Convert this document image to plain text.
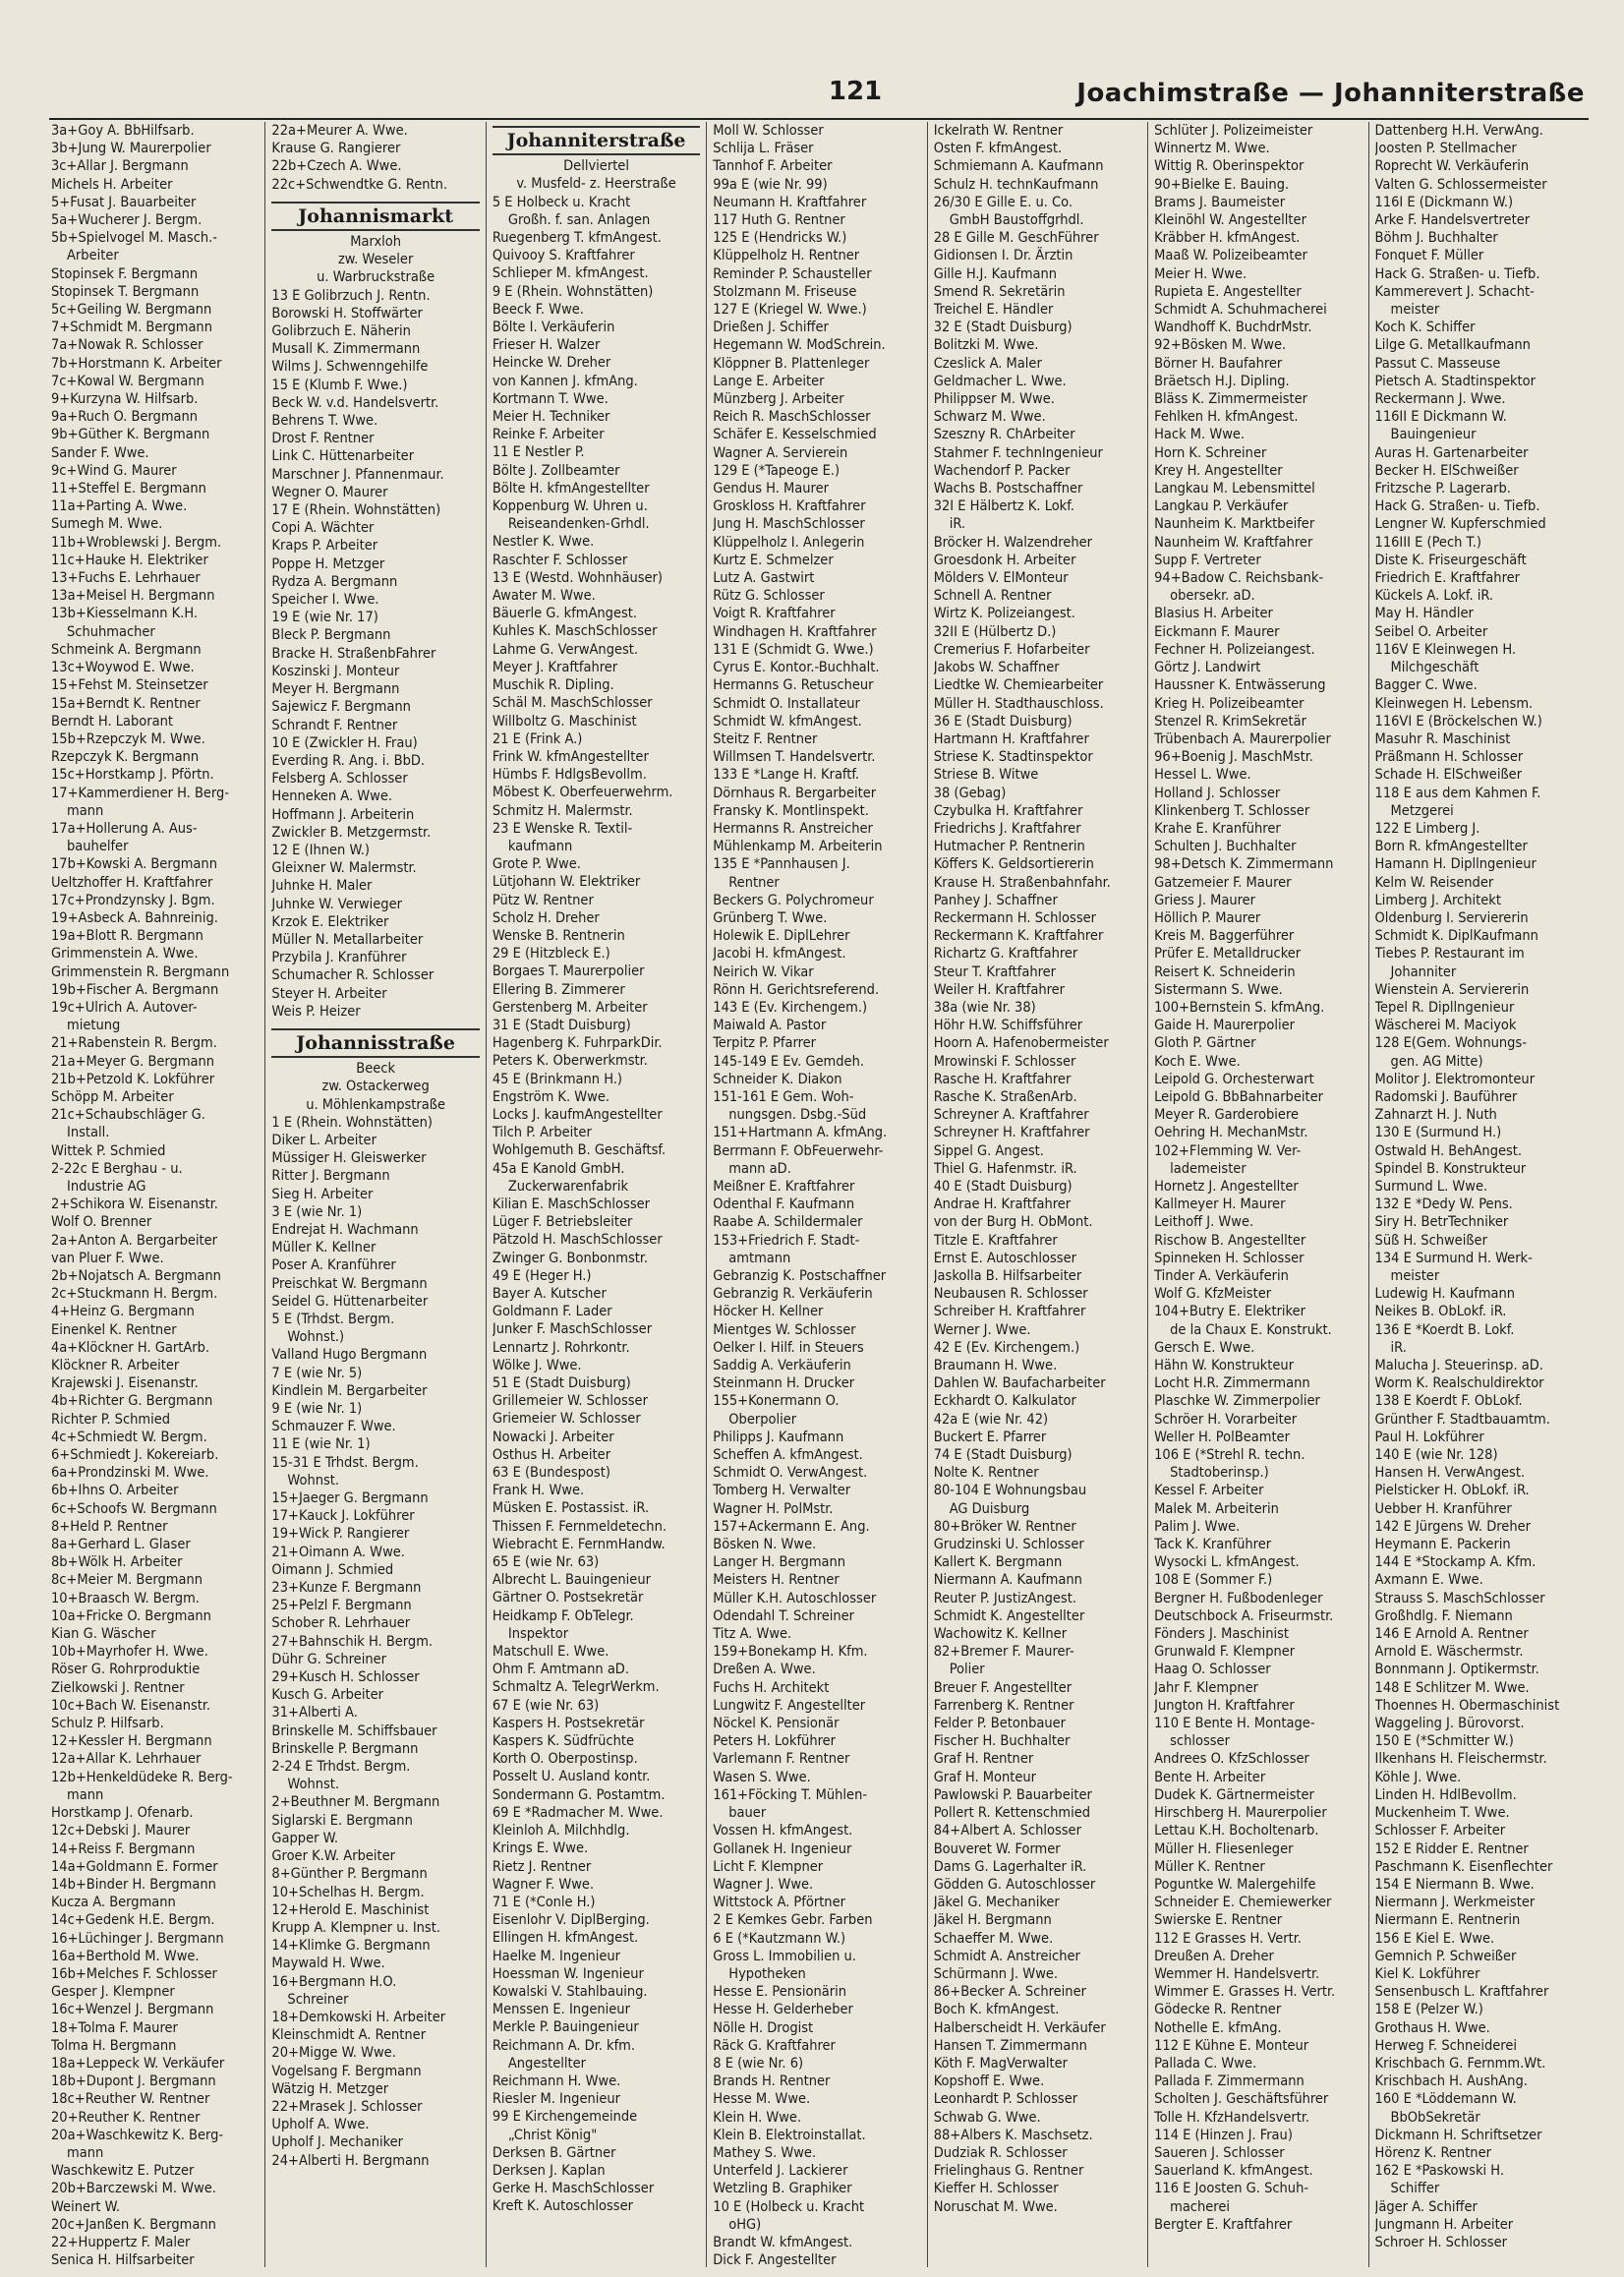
121	Joachimstraße — Johanniterstraße
3a+Goy A. BbHilfsarb.
3b+Jung W. Maurerpolier
3c+Allar J. Bergmann
Michels H. Arbeiter
5+Fusat J. Bauarbeiter
5a+Wucherer J. Bergm.
5b+Spielvogel M. Masch.-
Arbeiter
Stopinsek F. Bergmann
Stopinsek T. Bergmann
5c+Geiling W. Bergmann
7+Schmidt M. Bergmann
7a+Nowak R. Schlosser
7b+Horstmann K. Arbeiter
7c+Kowal W. Bergmann
9+Kurzyna W. Hilfsarb.
9a+Ruch O. Bergmann
9b+Güther K. Bergmann
Sander F. Wwe.
9c+Wind G. Maurer
11+Steffel E. Bergmann
11a+Parting A. Wwe.
Sumegh M. Wwe.
11b+Wroblewski J. Bergm.
11c+Hauke H. Elektriker
13+Fuchs E. Lehrhauer
13a+Meisel H. Bergmann
13b+Kiesselmann K.H.
Schuhmacher
Schmeink A. Bergmann
13c+Woywod E. Wwe.
15+Fehst M. Steinsetzer
15a+Berndt K. Rentner
Berndt H. Laborant
15b+Rzepczyk M. Wwe.
Rzepczyk K. Bergmann
15c+Horstkamp J. Pförtn.
17+Kammerdiener H. Berg-
mann
17a+Hollerung A. Aus-
bauhelfer
17b+Kowski A. Bergmann
Ueltzhoffer H. Kraftfahrer
17c+Prondzynsky J. Bgm.
19+Asbeck A. Bahnreinig.
19a+Blott R. Bergmann
Grimmenstein A. Wwe.
Grimmenstein R. Bergmann
19b+Fischer A. Bergmann
19c+Ulrich A. Autover-
mietung
21+Rabenstein R. Bergm.
21a+Meyer G. Bergmann
21b+Petzold K. Lokführer
Schöpp M. Arbeiter
21c+Schaubschläger G.
Install.
Wittek P. Schmied
2-22c E Berghau - u.
Industrie AG
2+Schikora W. Eisenanstr.
Wolf O. Brenner
2a+Anton A. Bergarbeiter
van Pluer F. Wwe.
2b+Nojatsch A. Bergmann
2c+Stuckmann H. Bergm.
4+Heinz G. Bergmann
Einenkel K. Rentner
4a+Klöckner H. GartArb.
Klöckner R. Arbeiter
Krajewski J. Eisenanstr.
4b+Richter G. Bergmann
Richter P. Schmied
4c+Schmiedt W. Bergm.
6+Schmiedt J. Kokereiarb.
6a+Prondzinski M. Wwe.
6b+Ihns O. Arbeiter
6c+Schoofs W. Bergmann
8+Held P. Rentner
8a+Gerhard L. Glaser
8b+Wölk H. Arbeiter
8c+Meier M. Bergmann
10+Braasch W. Bergm.
10a+Fricke O. Bergmann
Kian G. Wäscher
10b+Mayrhofer H. Wwe.
Röser G. Rohrproduktie
Zielkowski J. Rentner
10c+Bach W. Eisenanstr.
Schulz P. Hilfsarb.
12+Kessler H. Bergmann
12a+Allar K. Lehrhauer
12b+Henkeldüdeke R. Berg-
mann
Horstkamp J. Ofenarb.
12c+Debski J. Maurer
14+Reiss F. Bergmann
14a+Goldmann E. Former
14b+Binder H. Bergmann
Kucza A. Bergmann
14c+Gedenk H.E. Bergm.
16+Lüchinger J. Bergmann
16a+Berthold M. Wwe.
16b+Melches F. Schlosser
Gesper J. Klempner
16c+Wenzel J. Bergmann
18+Tolma F. Maurer
Tolma H. Bergmann
18a+Leppeck W. Verkäufer
18b+Dupont J. Bergmann
18c+Reuther W. Rentner
20+Reuther K. Rentner
20a+Waschkewitz K. Berg-
mann
Waschkewitz E. Putzer
20b+Barczewski M. Wwe.
Weinert W.
20c+Janßen K. Bergmann
22+Huppertz F. Maler
Senica H. Hilfsarbeiter
22a+Meurer A. Wwe.
Krause G. Rangierer
22b+Czech A. Wwe.
22c+Schwendtke G. Rentn.
Johannismarkt
Marxloh
zw. Weseler
u. Warbruckstraße
13 E Golibrzuch J. Rentn.
Borowski H. Stoffwärter
Golibrzuch E. Näherin
Musall K. Zimmermann
Wilms J. Schwenngehilfe
15 E (Klumb F. Wwe.)
Beck W. v.d. Handelsvertr.
Behrens T. Wwe.
Drost F. Rentner
Link C. Hüttenarbeiter
Marschner J. Pfannenmaur.
Wegner O. Maurer
17 E (Rhein. Wohnstätten)
Copi A. Wächter
Kraps P. Arbeiter
Poppe H. Metzger
Rydza A. Bergmann
Speicher I. Wwe.
19 E (wie Nr. 17)
Bleck P. Bergmann
Bracke H. StraßenbFahrer
Koszinski J. Monteur
Meyer H. Bergmann
Sajewicz F. Bergmann
Schrandt F. Rentner
10 E (Zwickler H. Frau)
Everding R. Ang. i. BbD.
Felsberg A. Schlosser
Henneken A. Wwe.
Hoffmann J. Arbeiterin
Zwickler B. Metzgermstr.
12 E (Ihnen W.)
Gleixner W. Malermstr.
Juhnke H. Maler
Juhnke W. Verwieger
Krzok E. Elektriker
Müller N. Metallarbeiter
Przybila J. Kranführer
Schumacher R. Schlosser
Steyer H. Arbeiter
Weis P. Heizer
Johannisstraße
Beeck
zw. Ostackerweg
u. Möhlenkampstraße
1 E (Rhein. Wohnstätten)
Diker L. Arbeiter
Müssiger H. Gleiswerker
Ritter J. Bergmann
Sieg H. Arbeiter
3 E (wie Nr. 1)
Endrejat H. Wachmann
Müller K. Kellner
Poser A. Kranführer
Preischkat W. Bergmann
Seidel G. Hüttenarbeiter
5 E (Trhdst. Bergm.
Wohnst.)
Valland Hugo Bergmann
7 E (wie Nr. 5)
Kindlein M. Bergarbeiter
9 E (wie Nr. 1)
Schmauzer F. Wwe.
11 E (wie Nr. 1)
15-31 E Trhdst. Bergm.
Wohnst.
15+Jaeger G. Bergmann
17+Kauck J. Lokführer
19+Wick P. Rangierer
21+Oimann A. Wwe.
Oimann J. Schmied
23+Kunze F. Bergmann
25+Pelzl F. Bergmann
Schober R. Lehrhauer
27+Bahnschik H. Bergm.
Dühr G. Schreiner
29+Kusch H. Schlosser
Kusch G. Arbeiter
31+Alberti A.
Brinskelle M. Schiffsbauer
Brinskelle P. Bergmann
2-24 E Trhdst. Bergm.
Wohnst.
2+Beuthner M. Bergmann
Siglarski E. Bergmann
Gapper W.
Groer K.W. Arbeiter
8+Günther P. Bergmann
10+Schelhas H. Bergm.
12+Herold E. Maschinist
Krupp A. Klempner u. Inst.
14+Klimke G. Bergmann
Maywald H. Wwe.
16+Bergmann H.O.
Schreiner
18+Demkowski H. Arbeiter
Kleinschmidt A. Rentner
20+Migge W. Wwe.
Vogelsang F. Bergmann
Wätzig H. Metzger
22+Mrasek J. Schlosser
Upholf A. Wwe.
Upholf J. Mechaniker
24+Alberti H. Bergmann
Johanniterstraße
Dellviertel
v. Musfeld- z. Heerstraße
5 E Holbeck u. Kracht
Großh. f. san. Anlagen
Ruegenberg T. kfmAngest.
Quivooy S. Kraftfahrer
Schlieper M. kfmAngest.
9 E (Rhein. Wohnstätten)
Beeck F. Wwe.
Bölte I. Verkäuferin
Frieser H. Walzer
Heincke W. Dreher
von Kannen J. kfmAng.
Kortmann T. Wwe.
Meier H. Techniker
Reinke F. Arbeiter
11 E Nestler P.
Bölte J. Zollbeamter
Bölte H. kfmAngestellter
Koppenburg W. Uhren u.
Reiseandenken-Grhdl.
Nestler K. Wwe.
Raschter F. Schlosser
13 E (Westd. Wohnhäuser)
Awater M. Wwe.
Bäuerle G. kfmAngest.
Kuhles K. MaschSchlosser
Lahme G. VerwAngest.
Meyer J. Kraftfahrer
Muschik R. Dipling.
Schäl M. MaschSchlosser
Willboltz G. Maschinist
21 E (Frink A.)
Frink W. kfmAngestellter
Hümbs F. HdlgsBevollm.
Möbest K. Oberfeuerwehrm.
Schmitz H. Malermstr.
23 E Wenske R. Textil-
kaufmann
Grote P. Wwe.
Lütjohann W. Elektriker
Pütz W. Rentner
Scholz H. Dreher
Wenske B. Rentnerin
29 E (Hitzbleck E.)
Borgaes T. Maurerpolier
Ellering B. Zimmerer
Gerstenberg M. Arbeiter
31 E (Stadt Duisburg)
Hagenberg K. FuhrparkDir.
Peters K. Oberwerkmstr.
45 E (Brinkmann H.)
Engström K. Wwe.
Locks J. kaufmAngestellter
Tilch P. Arbeiter
Wohlgemuth B. Geschäftsf.
45a E Kanold GmbH.
Zuckerwarenfabrik
Kilian E. MaschSchlosser
Lüger F. Betriebsleiter
Pätzold H. MaschSchlosser
Zwinger G. Bonbonmstr.
49 E (Heger H.)
Bayer A. Kutscher
Goldmann F. Lader
Junker F. MaschSchlosser
Lennartz J. Rohrkontr.
Wölke J. Wwe.
51 E (Stadt Duisburg)
Grillemeier W. Schlosser
Griemeier W. Schlosser
Nowacki J. Arbeiter
Osthus H. Arbeiter
63 E (Bundespost)
Frank H. Wwe.
Müsken E. Postassist. iR.
Thissen F. Fernmeldetechn.
Wiebracht E. FernmHandw.
65 E (wie Nr. 63)
Albrecht L. Bauingenieur
Gärtner O. Postsekretär
Heidkamp F. ObTelegr.
Inspektor
Matschull E. Wwe.
Ohm F. Amtmann aD.
Schmaltz A. TelegrWerkm.
67 E (wie Nr. 63)
Kaspers H. Postsekretär
Kaspers K. Südfrüchte
Korth O. Oberpostinsp.
Posselt U. Ausland kontr.
Sondermann G. Postamtm.
69 E *Radmacher M. Wwe.
Kleinloh A. Milchhdlg.
Krings E. Wwe.
Rietz J. Rentner
Wagner F. Wwe.
71 E (*Conle H.)
Eisenlohr V. DiplBerging.
Ellingen H. kfmAngest.
Haelke M. Ingenieur
Hoessman W. Ingenieur
Kowalski V. Stahlbauing.
Menssen E. Ingenieur
Merkle P. Bauingenieur
Reichmann A. Dr. kfm.
Angestellter
Reichmann H. Wwe.
Riesler M. Ingenieur
99 E Kirchengemeinde
„Christ König"
Derksen B. Gärtner
Derksen J. Kaplan
Gerke H. MaschSchlosser
Kreft K. Autoschlosser
Moll W. Schlosser
Schlija L. Fräser
Tannhof F. Arbeiter
99a E (wie Nr. 99)
Neumann H. Kraftfahrer
117 Huth G. Rentner
125 E (Hendricks W.)
Klüppelholz H. Rentner
Reminder P. Schausteller
Stolzmann M. Friseuse
127 E (Kriegel W. Wwe.)
Drießen J. Schiffer
Hegemann W. ModSchrein.
Klöppner B. Plattenleger
Lange E. Arbeiter
Münzberg J. Arbeiter
Reich R. MaschSchlosser
Schäfer E. Kesselschmied
Wagner A. Servierein
129 E (*Tapeoge E.)
Gendus H. Maurer
Groskloss H. Kraftfahrer
Jung H. MaschSchlosser
Klüppelholz I. Anlegerin
Kurtz E. Schmelzer
Lutz A. Gastwirt
Rütz G. Schlosser
Voigt R. Kraftfahrer
Windhagen H. Kraftfahrer
131 E (Schmidt G. Wwe.)
Cyrus E. Kontor.-Buchhalt.
Hermanns G. Retuscheur
Schmidt O. Installateur
Schmidt W. kfmAngest.
Steitz F. Rentner
Willmsen T. Handelsvertr.
133 E *Lange H. Kraftf.
Dörnhaus R. Bergarbeiter
Fransky K. Montlinspekt.
Hermanns R. Anstreicher
Mühlenkamp M. Arbeiterin
135 E *Pannhausen J.
Rentner
Beckers G. Polychromeur
Grünberg T. Wwe.
Holewik E. DiplLehrer
Jacobi H. kfmAngest.
Neirich W. Vikar
Rönn H. Gerichtsreferend.
143 E (Ev. Kirchengem.)
Maiwald A. Pastor
Terpitz P. Pfarrer
145-149 E Ev. Gemdeh.
Schneider K. Diakon
151-161 E Gem. Woh-
nungsgen. Dsbg.-Süd
151+Hartmann A. kfmAng.
Berrmann F. ObFeuerwehr-
mann aD.
Meißner E. Kraftfahrer
Odenthal F. Kaufmann
Raabe A. Schildermaler
153+Friedrich F. Stadt-
amtmann
Gebranzig K. Postschaffner
Gebranzig R. Verkäuferin
Höcker H. Kellner
Mientges W. Schlosser
Oelker I. Hilf. in Steuers
Saddig A. Verkäuferin
Steinmann H. Drucker
155+Konermann O.
Oberpolier
Philipps J. Kaufmann
Scheffen A. kfmAngest.
Schmidt O. VerwAngest.
Tomberg H. Verwalter
Wagner H. PolMstr.
157+Ackermann E. Ang.
Bösken N. Wwe.
Langer H. Bergmann
Meisters H. Rentner
Müller K.H. Autoschlosser
Odendahl T. Schreiner
Titz A. Wwe.
159+Bonekamp H. Kfm.
Dreßen A. Wwe.
Fuchs H. Architekt
Lungwitz F. Angestellter
Nöckel K. Pensionär
Peters H. Lokführer
Varlemann F. Rentner
Wasen S. Wwe.
161+Föcking T. Mühlen-
bauer
Vossen H. kfmAngest.
Gollanek H. Ingenieur
Licht F. Klempner
Wagner J. Wwe.
Wittstock A. Pförtner
2 E Kemkes Gebr. Farben
6 E (*Kautzmann W.)
Gross L. Immobilien u.
Hypotheken
Hesse E. Pensionärin
Hesse H. Gelderheber
Nölle H. Drogist
Räck G. Kraftfahrer
8 E (wie Nr. 6)
Brands H. Rentner
Hesse M. Wwe.
Klein H. Wwe.
Klein B. Elektroinstallat.
Mathey S. Wwe.
Unterfeld J. Lackierer
Wetzling B. Graphiker
10 E (Holbeck u. Kracht
oHG)
Brandt W. kfmAngest.
Dick F. Angestellter
Ickelrath W. Rentner
Osten F. kfmAngest.
Schmiemann A. Kaufmann
Schulz H. technKaufmann
26/30 E Gille E. u. Co.
GmbH Baustoffgrhdl.
28 E Gille M. GeschFührer
Gidionsen I. Dr. Ärztin
Gille H.J. Kaufmann
Smend R. Sekretärin
Treichel E. Händler
32 E (Stadt Duisburg)
Bolitzki M. Wwe.
Czeslick A. Maler
Geldmacher L. Wwe.
Philippser M. Wwe.
Schwarz M. Wwe.
Szeszny R. ChArbeiter
Stahmer F. technIngenieur
Wachendorf P. Packer
Wachs B. Postschaffner
32I E Hälbertz K. Lokf.
iR.
Bröcker H. Walzendreher
Groesdonk H. Arbeiter
Mölders V. ElMonteur
Schnell A. Rentner
Wirtz K. Polizeiangest.
32II E (Hülbertz D.)
Cremerius F. Hofarbeiter
Jakobs W. Schaffner
Liedtke W. Chemiearbeiter
Müller H. Stadthauschloss.
36 E (Stadt Duisburg)
Hartmann H. Kraftfahrer
Striese K. Stadtinspektor
Striese B. Witwe
38 (Gebag)
Czybulka H. Kraftfahrer
Friedrichs J. Kraftfahrer
Hutmacher P. Rentnerin
Köffers K. Geldsortiererin
Krause H. Straßenbahnfahr.
Panhey J. Schaffner
Reckermann H. Schlosser
Reckermann K. Kraftfahrer
Richartz G. Kraftfahrer
Steur T. Kraftfahrer
Weiler H. Kraftfahrer
38a (wie Nr. 38)
Höhr H.W. Schiffsführer
Hoorn A. Hafenobermeister
Mrowinski F. Schlosser
Rasche H. Kraftfahrer
Rasche K. StraßenArb.
Schreyner A. Kraftfahrer
Schreyner H. Kraftfahrer
Sippel G. Angest.
Thiel G. Hafenmstr. iR.
40 E (Stadt Duisburg)
Andrae H. Kraftfahrer
von der Burg H. ObMont.
Titzle E. Kraftfahrer
Ernst E. Autoschlosser
Jaskolla B. Hilfsarbeiter
Neubausen R. Schlosser
Schreiber H. Kraftfahrer
Werner J. Wwe.
42 E (Ev. Kirchengem.)
Braumann H. Wwe.
Dahlen W. Baufacharbeiter
Eckhardt O. Kalkulator
42a E (wie Nr. 42)
Buckert E. Pfarrer
74 E (Stadt Duisburg)
Nolte K. Rentner
80-104 E Wohnungsbau
AG Duisburg
80+Bröker W. Rentner
Grudzinski U. Schlosser
Kallert K. Bergmann
Niermann A. Kaufmann
Reuter P. JustizAngest.
Schmidt K. Angestellter
Wachowitz K. Kellner
82+Bremer F. Maurer-
Polier
Breuer F. Angestellter
Farrenberg K. Rentner
Felder P. Betonbauer
Fischer H. Buchhalter
Graf H. Rentner
Graf H. Monteur
Pawlowski P. Bauarbeiter
Pollert R. Kettenschmied
84+Albert A. Schlosser
Bouveret W. Former
Dams G. Lagerhalter iR.
Gödden G. Autoschlosser
Jäkel G. Mechaniker
Jäkel H. Bergmann
Schaeffer M. Wwe.
Schmidt A. Anstreicher
Schürmann J. Wwe.
86+Becker A. Schreiner
Boch K. kfmAngest.
Halberscheidt H. Verkäufer
Hansen T. Zimmermann
Köth F. MagVerwalter
Kopshoff E. Wwe.
Leonhardt P. Schlosser
Schwab G. Wwe.
88+Albers K. Maschsetz.
Dudziak R. Schlosser
Frielinghaus G. Rentner
Kieffer H. Schlosser
Noruschat M. Wwe.
Schlüter J. Polizeimeister
Winnertz M. Wwe.
Wittig R. Oberinspektor
90+Bielke E. Bauing.
Brams J. Baumeister
Kleinöhl W. Angestellter
Kräbber H. kfmAngest.
Maaß W. Polizeibeamter
Meier H. Wwe.
Rupieta E. Angestellter
Schmidt A. Schuhmacherei
Wandhoff K. BuchdrMstr.
92+Bösken M. Wwe.
Börner H. Baufahrer
Bräetsch H.J. Dipling.
Bläss K. Zimmermeister
Fehlken H. kfmAngest.
Hack M. Wwe.
Horn K. Schreiner
Krey H. Angestellter
Langkau M. Lebensmittel
Langkau P. Verkäufer
Naunheim K. Marktbeifer
Naunheim W. Kraftfahrer
Supp F. Vertreter
94+Badow C. Reichsbank-
obersekr. aD.
Blasius H. Arbeiter
Eickmann F. Maurer
Fechner H. Polizeiangest.
Görtz J. Landwirt
Haussner K. Entwässerung
Krieg H. Polizeibeamter
Stenzel R. KrimSekretär
Trübenbach A. Maurerpolier
96+Boenig J. MaschMstr.
Hessel L. Wwe.
Holland J. Schlosser
Klinkenberg T. Schlosser
Krahe E. Kranführer
Schulten J. Buchhalter
98+Detsch K. Zimmermann
Gatzemeier F. Maurer
Griess J. Maurer
Höllich P. Maurer
Kreis M. Baggerführer
Prüfer E. Metalldrucker
Reisert K. Schneiderin
Sistermann S. Wwe.
100+Bernstein S. kfmAng.
Gaide H. Maurerpolier
Gloth P. Gärtner
Koch E. Wwe.
Leipold G. Orchesterwart
Leipold G. BbBahnarbeiter
Meyer R. Garderobiere
Oehring H. MechanMstr.
102+Flemming W. Ver-
lademeister
Hornetz J. Angestellter
Kallmeyer H. Maurer
Leithoff J. Wwe.
Rischow B. Angestellter
Spinneken H. Schlosser
Tinder A. Verkäuferin
Wolf G. KfzMeister
104+Butry E. Elektriker
de la Chaux E. Konstrukt.
Gersch E. Wwe.
Hähn W. Konstrukteur
Locht H.R. Zimmermann
Plaschke W. Zimmerpolier
Schröer H. Vorarbeiter
Weller H. PolBeamter
106 E (*Strehl R. techn.
Stadtoberinsp.)
Kessel F. Arbeiter
Malek M. Arbeiterin
Palim J. Wwe.
Tack K. Kranführer
Wysocki L. kfmAngest.
108 E (Sommer F.)
Bergner H. Fußbodenleger
Deutschbock A. Friseurmstr.
Fönders J. Maschinist
Grunwald F. Klempner
Haag O. Schlosser
Jahr F. Klempner
Jungton H. Kraftfahrer
110 E Bente H. Montage-
schlosser
Andrees O. KfzSchlosser
Bente H. Arbeiter
Dudek K. Gärtnermeister
Hirschberg H. Maurerpolier
Lettau K.H. Bocholtenarb.
Müller H. Fliesenleger
Müller K. Rentner
Poguntke W. Malergehilfe
Schneider E. Chemiewerker
Swierske E. Rentner
112 E Grasses H. Vertr.
Dreußen A. Dreher
Wemmer H. Handelsvertr.
Wimmer E. Grasses H. Vertr.
Gödecke R. Rentner
Nothelle E. kfmAng.
112 E Kühne E. Monteur
Pallada C. Wwe.
Pallada F. Zimmermann
Scholten J. Geschäftsführer
Tolle H. KfzHandelsvertr.
114 E (Hinzen J. Frau)
Saueren J. Schlosser
Sauerland K. kfmAngest.
116 E Joosten G. Schuh-
macherei
Bergter E. Kraftfahrer
Dattenberg H.H. VerwAng.
Joosten P. Stellmacher
Roprecht W. Verkäuferin
Valten G. Schlossermeister
116I E (Dickmann W.)
Arke F. Handelsvertreter
Böhm J. Buchhalter
Fonquet F. Müller
Hack G. Straßen- u. Tiefb.
Kammerevert J. Schacht-
meister
Koch K. Schiffer
Lilge G. Metallkaufmann
Passut C. Masseuse
Pietsch A. Stadtinspektor
Reckermann J. Wwe.
116II E Dickmann W.
Bauingenieur
Auras H. Gartenarbeiter
Becker H. ElSchweißer
Fritzsche P. Lagerarb.
Hack G. Straßen- u. Tiefb.
Lengner W. Kupferschmied
116III E (Pech T.)
Diste K. Friseurgeschäft
Friedrich E. Kraftfahrer
Kückels A. Lokf. iR.
May H. Händler
Seibel O. Arbeiter
116V E Kleinwegen H.
Milchgeschäft
Bagger C. Wwe.
Kleinwegen H. Lebensm.
116VI E (Bröckelschen W.)
Masuhr R. Maschinist
Präßmann H. Schlosser
Schade H. ElSchweißer
118 E aus dem Kahmen F.
Metzgerei
122 E Limberg J.
Born R. kfmAngestellter
Hamann H. Dipllngenieur
Kelm W. Reisender
Limberg J. Architekt
Oldenburg I. Serviererin
Schmidt K. DiplKaufmann
Tiebes P. Restaurant im
Johanniter
Wienstein A. Serviererin
Tepel R. Dipllngenieur
Wäscherei M. Maciyok
128 E(Gem. Wohnungs-
gen. AG Mitte)
Molitor J. Elektromonteur
Radomski J. Bauführer
Zahnarzt H. J. Nuth
130 E (Surmund H.)
Ostwald H. BehAngest.
Spindel B. Konstrukteur
Surmund L. Wwe.
132 E *Dedy W. Pens.
Siry H. BetrTechniker
Süß H. Schweißer
134 E Surmund H. Werk-
meister
Ludewig H. Kaufmann
Neikes B. ObLokf. iR.
136 E *Koerdt B. Lokf.
iR.
Malucha J. Steuerinsp. aD.
Worm K. Realschuldirektor
138 E Koerdt F. ObLokf.
Grünther F. Stadtbauamtm.
Paul H. Lokführer
140 E (wie Nr. 128)
Hansen H. VerwAngest.
Pielsticker H. ObLokf. iR.
Uebber H. Kranführer
142 E Jürgens W. Dreher
Heymann E. Packerin
144 E *Stockamp A. Kfm.
Axmann E. Wwe.
Strauss S. MaschSchlosser
Großhdlg. F. Niemann
146 E Arnold A. Rentner
Arnold E. Wäschermstr.
Bonnmann J. Optikermstr.
148 E Schlitzer M. Wwe.
Thoennes H. Obermaschinist
Waggeling J. Bürovorst.
150 E (*Schmitter W.)
Ilkenhans H. Fleischermstr.
Köhle J. Wwe.
Linden H. HdlBevollm.
Muckenheim T. Wwe.
Schlosser F. Arbeiter
152 E Ridder E. Rentner
Paschmann K. Eisenflechter
154 E Niermann B. Wwe.
Niermann J. Werkmeister
Niermann E. Rentnerin
156 E Kiel E. Wwe.
Gemnich P. Schweißer
Kiel K. Lokführer
Sensenbusch L. Kraftfahrer
158 E (Pelzer W.)
Grothaus H. Wwe.
Herweg F. Schneiderei
Krischbach G. Fernmm.Wt.
Krischbach H. AushAng.
160 E *Löddemann W.
BbObSekretär
Dickmann H. Schriftsetzer
Hörenz K. Rentner
162 E *Paskowski H.
Schiffer
Jäger A. Schiffer
Jungmann H. Arbeiter
Schroer H. Schlosser
